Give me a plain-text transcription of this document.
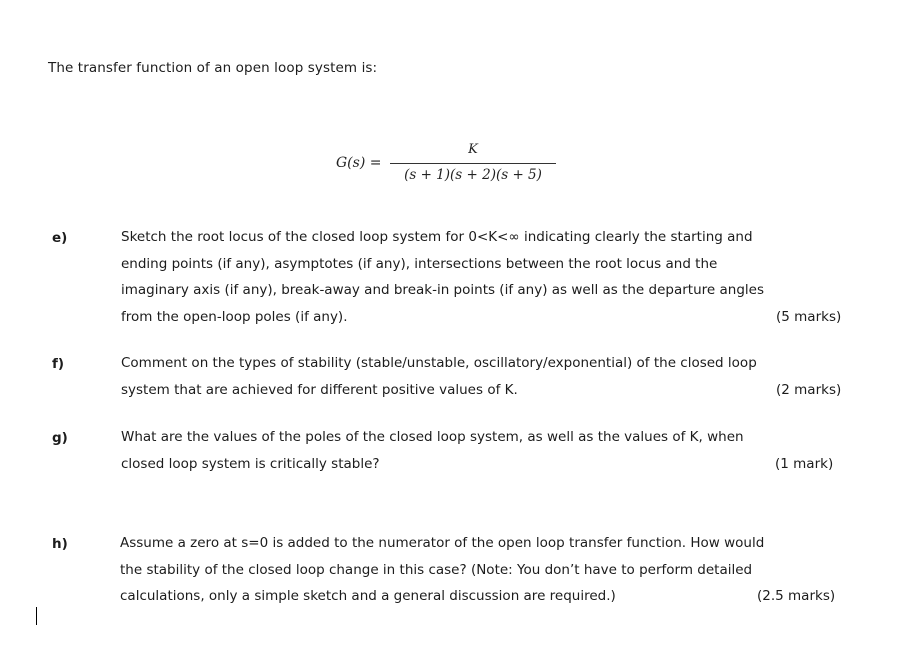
The transfer function of an open loop system is:
G(s) =
K
(s + 1)(s + 2)(s + 5)
e)	Sketch the root locus of the closed loop system for 0<K<∞ indicating clearly the starting and
ending points (if any), asymptotes (if any), intersections between the root locus and the
imaginary axis (if any), break-away and break-in points (if any) as well as the departure angles
from the open-loop poles (if any).	(5 marks)
f)	Comment on the types of stability (stable/unstable, oscillatory/exponential) of the closed loop
system that are achieved for different positive values of K.	(2 marks)
g)	What are the values of the poles of the closed loop system, as well as the values of K, when
closed loop system is critically stable?	(1 mark)
h)	Assume a zero at s=0 is added to the numerator of the open loop transfer function. How would
the stability of the closed loop change in this case? (Note: You don’t have to perform detailed
calculations, only a simple sketch and a general discussion are required.)	(2.5 marks)
